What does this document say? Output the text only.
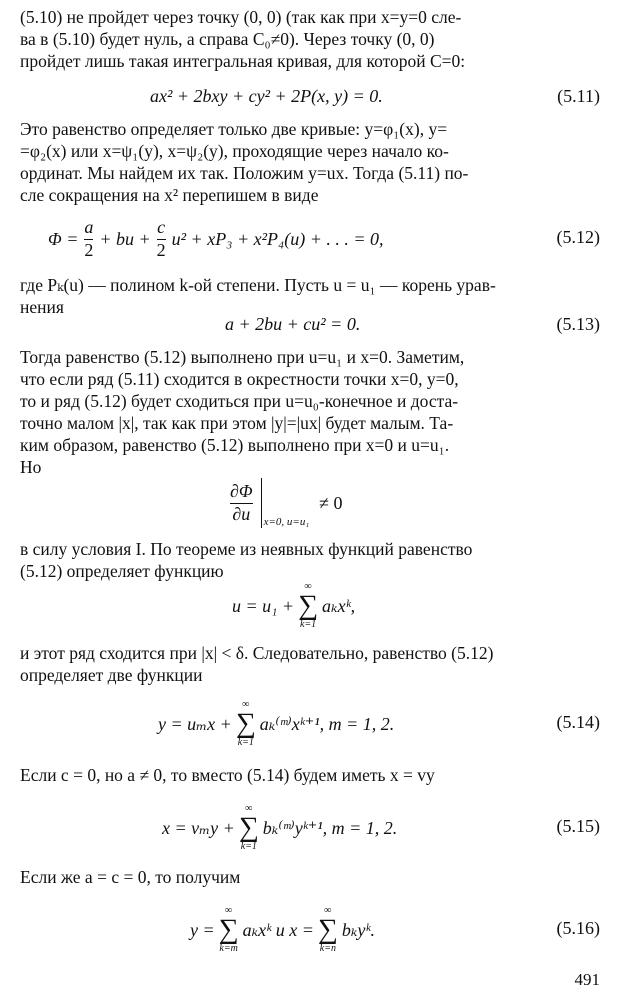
(5.10) не пройдет через точку (0, 0) (так как при x=y=0 сле-
ва в (5.10) будет нуль, а справа C₀≠0). Через точку (0, 0)
пройдет лишь такая интегральная кривая, для которой C=0:
ax² + 2bxy + cy² + 2P(x, y) = 0.	(5.11)
Это равенство определяет только две кривые: y=φ₁(x), y=
=φ₂(x) или x=ψ₁(y), x=ψ₂(y), проходящие через начало ко-
ординат. Мы найдем их так. Положим y=ux. Тогда (5.11) по-
сле сокращения на x² перепишем в виде
$\Phi = \frac{a}{2}$ + bu + $\frac{c}{2} u^2 + xP_3 + x^2P_4(u)$ + . . . = 0,	(5.12)
где Pₖ(u) — полином k-ой степени. Пусть u = u₁ — корень урав-
нения
a + 2bu + cu² = 0.	(5.13)
Тогда равенство (5.12) выполнено при u=u₁ и x=0. Заметим,
что если ряд (5.11) сходится в окрестности точки x=0, y=0,
то и ряд (5.12) будет сходиться при u=u₀-конечное и доста-
точно малом |x|, так как при этом |y|=|ux| будет малым. Та-
ким образом, равенство (5.12) выполнено при x=0 и u=u₁.
Но
$\frac{\partial\Phi}{\partial u} x=0$, u=u₁
≠ 0
в силу условия I. По теореме из неявных функций равенство
(5.12) определяет функцию
u = u₁ +
∞
∑
k=1
aₖxᵏ,
и этот ряд сходится при |x| < δ. Следовательно, равенство (5.12)
определяет две функции
y = uₘx +
∞
∑
k=1
aₖ⁽ᵐ⁾xᵏ⁺¹, m = 1, 2.	(5.14)
Если c = 0, но a ≠ 0, то вместо (5.14) будем иметь x = vy
x = vₘy +
∞
∑
k=1
bₖ⁽ᵐ⁾yᵏ⁺¹, m = 1, 2.	(5.15)
Если же a = c = 0, то получим
y =
∞
∑
k=m
aₖxᵏ и x =
∞
∑
k=n
bₖyᵏ.	(5.16)
491
